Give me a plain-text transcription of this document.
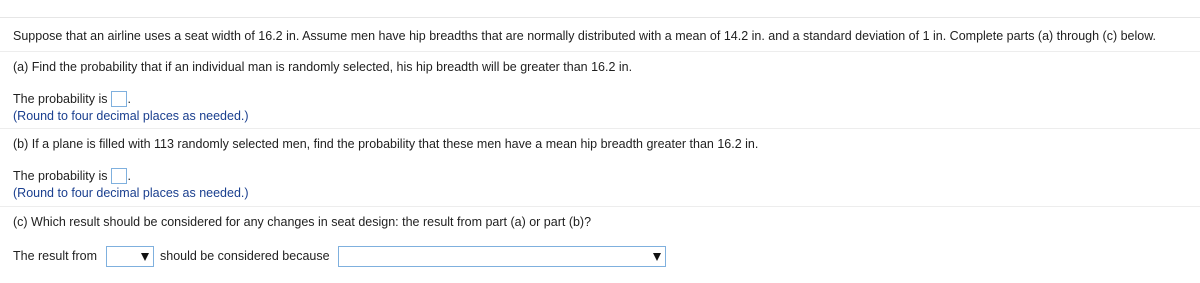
Suppose that an airline uses a seat width of 16.2 in. Assume men have hip breadths that are normally distributed with a mean of 14.2 in. and a standard deviation of 1 in. Complete parts (a) through (c) below.
(a) Find the probability that if an individual man is randomly selected, his hip breadth will be greater than 16.2 in.
The probability is .
(Round to four decimal places as needed.)
(b) If a plane is filled with 113 randomly selected men, find the probability that these men have a mean hip breadth greater than 16.2 in.
The probability is .
(Round to four decimal places as needed.)
(c) Which result should be considered for any changes in seat design: the result from part (a) or part (b)?
The result from	should be considered because
